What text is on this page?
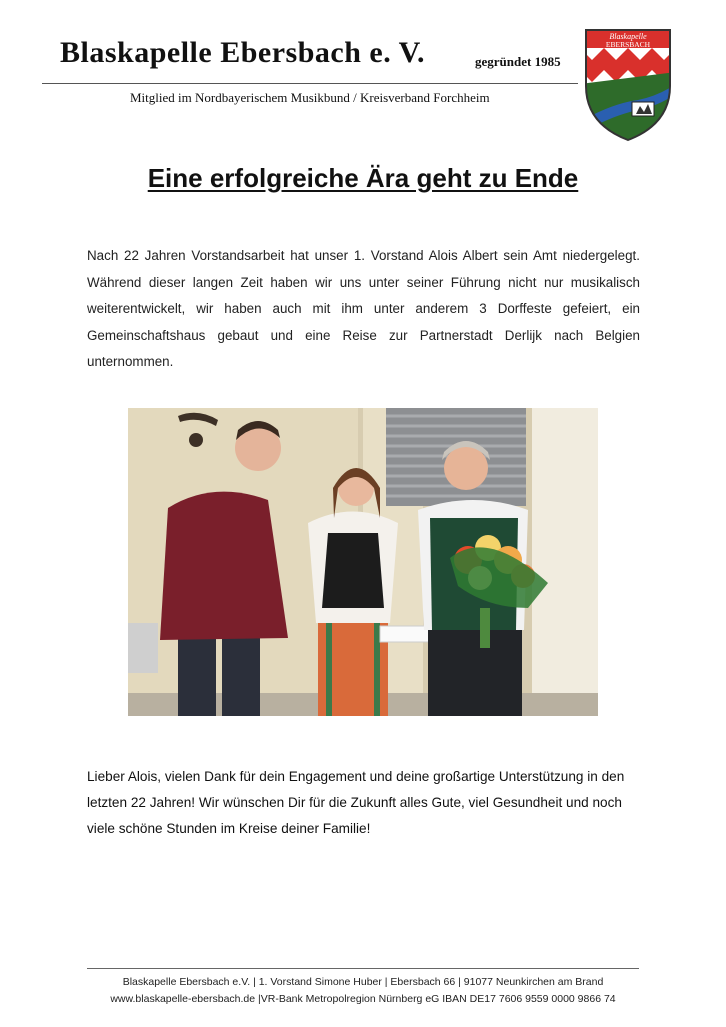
Blaskapelle Ebersbach e. V.	gegründet 1985
Mitglied im Nordbayerischem Musikbund / Kreisverband Forchheim
Blaskapelle
EBERSBACH
Eine erfolgreiche Ära geht zu Ende
Nach 22 Jahren Vorstandsarbeit hat unser 1. Vorstand Alois Albert sein Amt niedergelegt. Während dieser langen Zeit haben wir uns unter seiner Führung nicht nur musikalisch weiterentwickelt, wir haben auch mit ihm unter anderem 3 Dorffeste gefeiert, ein Gemeinschaftshaus gebaut und eine Reise zur Partnerstadt Derlijk nach Belgien unternommen.
Lieber Alois, vielen Dank für dein Engagement und deine großartige Unterstützung in den letzten 22 Jahren! Wir wünschen Dir für die Zukunft alles Gute, viel Gesundheit und noch viele schöne Stunden im Kreise deiner Familie!
Blaskapelle Ebersbach e.V. | 1. Vorstand Simone Huber | Ebersbach 66 | 91077 Neunkirchen am Brand
www.blaskapelle-ebersbach.de |VR-Bank Metropolregion Nürnberg eG IBAN DE17 7606 9559 0000 9866 74
